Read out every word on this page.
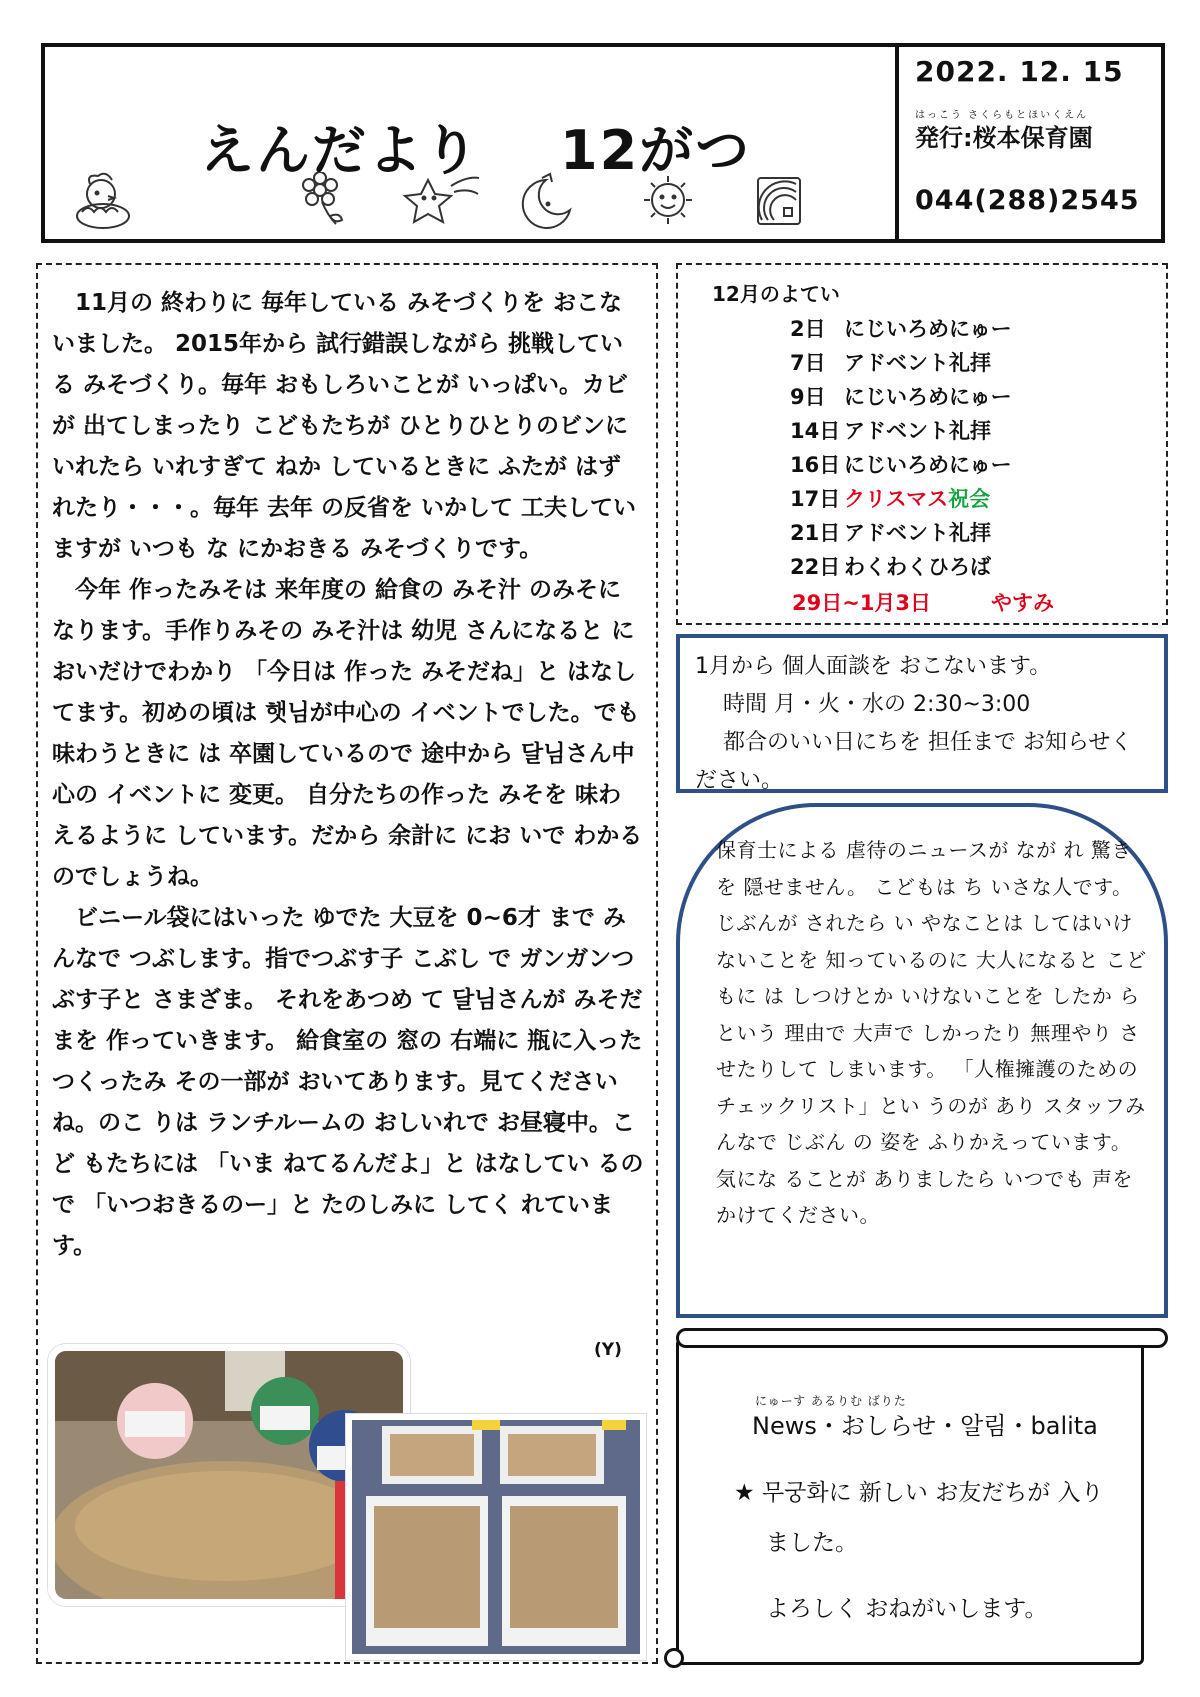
えんだより 12がつ
2022. 12. 15
はっこう さくらもとほいくえん
発行:桜本保育園
044(288)2545

11月の 終わりに 毎年している みそづくりを おこないました。 2015年から 試行錯誤しながら 挑戦している みそづくり。毎年 おもしろいことが いっぱい。カビが 出てしまったり こどもたちが ひとりひとりのビンに いれたら いれすぎて ねか しているときに ふたが はずれたり・・・。毎年 去年 の反省を いかして 工夫していますが いつも な にかおきる みそづくりです。

今年 作ったみそは 来年度の 給食の みそ汁 のみそに なります。手作りみその みそ汁は 幼児 さんになると においだけでわかり 「今日は 作った みそだね」と はなしてます。初めの頃は 햇님が中心の イベントでした。でも 味わうときに は 卒園しているので 途中から 달님さん中心の イベントに 変更。 自分たちの作った みそを 味わえるように しています。だから 余計に にお いで わかるのでしょうね。

ビニール袋にはいった ゆでた 大豆を 0~6才 まで みんなで つぶします。指でつぶす子 こぶし で ガンガンつぶす子と さまざま。 それをあつめ て 달님さんが みそだまを 作っていきます。 給食室の 窓の 右端に 瓶に入った つくったみ その一部が おいてあります。見てくださいね。のこ りは ランチルームの おしいれで お昼寝中。こど もたちには 「いま ねてるんだよ」と はなしてい るので 「いつおきるのー」と たのしみに してく れています。

(Y)
12月のよてい
2日 にじいろめにゅー
7日 アドベント礼拝
9日 にじいろめにゅー
14日 アドベント礼拝
16日 にじいろめにゅー
17日 クリスマス祝会
21日 アドベント礼拝
22日 わくわくひろば
29日~1月3日	やすみ
1月から 個人面談を おこないます。
時間 月・火・水の 2:30~3:00
都合のいい日にちを 担任まで お知らせく
ださい。
保育士による 虐待のニュースが なが れ 驚きを 隠せません。 こどもは ち いさな人です。 じぶんが されたら い やなことは してはいけないことを 知っているのに 大人になると こどもに は しつけとか いけないことを したか ら という 理由で 大声で しかったり 無理やり させたりして しまいます。 「人権擁護のためのチェックリスト」とい うのが あり スタッフみんなで じぶん の 姿を ふりかえっています。 気にな ることが ありましたら いつでも 声を かけてください。
にゅーす あるりむ ばりた
News・おしらせ・알림・balita
★ 무궁화に 新しい お友だちが 入り
ました。
よろしく おねがいします。
